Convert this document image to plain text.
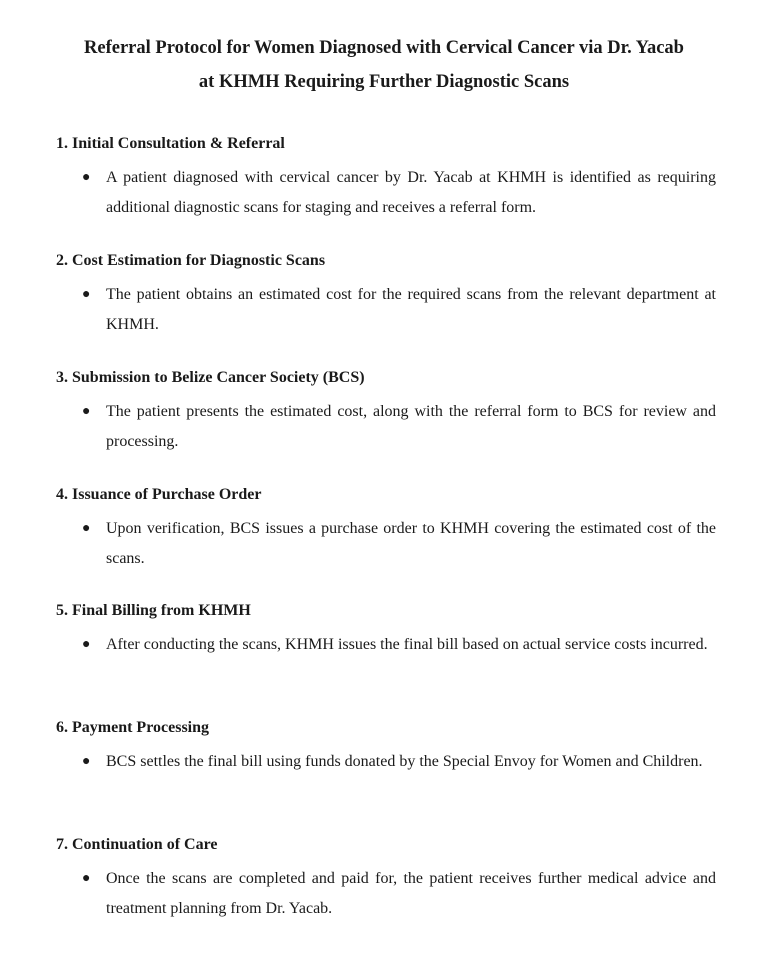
Referral Protocol for Women Diagnosed with Cervical Cancer via Dr. Yacab
at KHMH Requiring Further Diagnostic Scans
1. Initial Consultation & Referral
● A patient diagnosed with cervical cancer by Dr. Yacab at KHMH is identified as requiring additional diagnostic scans for staging and receives a referral form.
2. Cost Estimation for Diagnostic Scans
● The patient obtains an estimated cost for the required scans from the relevant department at KHMH.
3. Submission to Belize Cancer Society (BCS)
● The patient presents the estimated cost, along with the referral form to BCS for review and processing.
4. Issuance of Purchase Order
● Upon verification, BCS issues a purchase order to KHMH covering the estimated cost of the scans.
5. Final Billing from KHMH
● After conducting the scans, KHMH issues the final bill based on actual service costs incurred.
6. Payment Processing
● BCS settles the final bill using funds donated by the Special Envoy for Women and Children.
7. Continuation of Care
● Once the scans are completed and paid for, the patient receives further medical advice and treatment planning from Dr. Yacab.
